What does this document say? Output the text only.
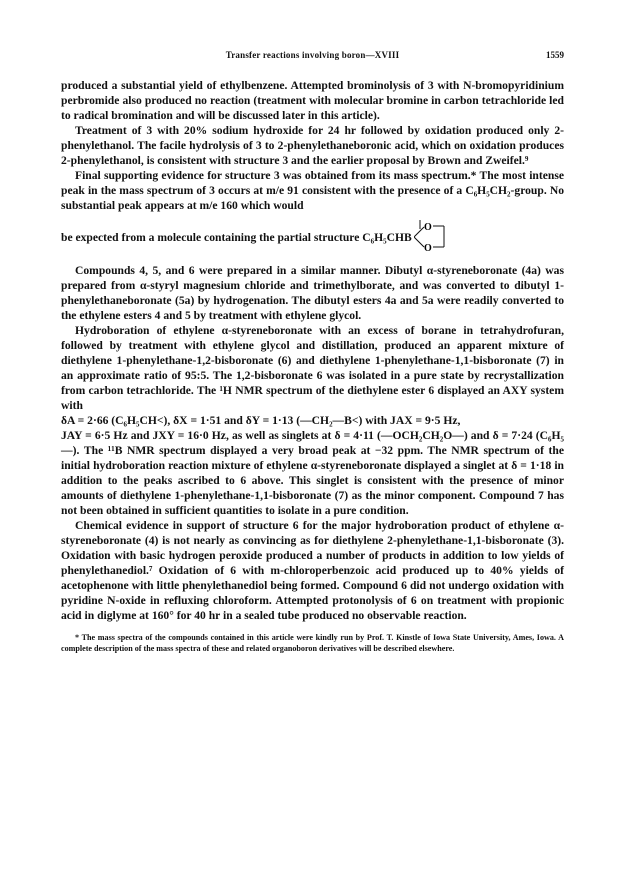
Transfer reactions involving boron—XVIII	1559

produced a substantial yield of ethylbenzene. Attempted brominolysis of 3 with N-bromopyridinium perbromide also produced no reaction (treatment with molecular bromine in carbon tetrachloride led to radical bromination and will be discussed later in this article).

Treatment of 3 with 20% sodium hydroxide for 24 hr followed by oxidation produced only 2-phenylethanol. The facile hydrolysis of 3 to 2-phenylethaneboronic acid, which on oxidation produces 2-phenylethanol, is consistent with structure 3 and the earlier proposal by Brown and Zweifel.⁹

Final supporting evidence for structure 3 was obtained from its mass spectrum.* The most intense peak in the mass spectrum of 3 occurs at m/e 91 consistent with the presence of a C₆H₅CH₂-group. No substantial peak appears at m/e 160 which would

be expected from a molecule containing the partial structure C₆H₅CHB
O
O

Compounds 4, 5, and 6 were prepared in a similar manner. Dibutyl α-styreneboronate (4a) was prepared from α-styryl magnesium chloride and trimethylborate, and was converted to dibutyl 1-phenylethaneboronate (5a) by hydrogenation. The dibutyl esters 4a and 5a were readily converted to the ethylene esters 4 and 5 by treatment with ethylene glycol.

Hydroboration of ethylene α-styreneboronate with an excess of borane in tetrahydrofuran, followed by treatment with ethylene glycol and distillation, produced an apparent mixture of diethylene 1-phenylethane-1,2-bisboronate (6) and diethylene 1-phenylethane-1,1-bisboronate (7) in an approximate ratio of 95:5. The 1,2-bisboronate 6 was isolated in a pure state by recrystallization from carbon tetrachloride. The ¹H NMR spectrum of the diethylene ester 6 displayed an AXY system with

δA = 2·66 (C₆H₅CH<), δX = 1·51 and δY = 1·13 (—CH₂—B<) with JAX = 9·5 Hz,

JAY = 6·5 Hz and JXY = 16·0 Hz, as well as singlets at δ = 4·11 (—OCH₂CH₂O—) and δ = 7·24 (C₆H₅—). The ¹¹B NMR spectrum displayed a very broad peak at −32 ppm. The NMR spectrum of the initial hydroboration reaction mixture of ethylene α-styreneboronate displayed a singlet at δ = 1·18 in addition to the peaks ascribed to 6 above. This singlet is consistent with the presence of minor amounts of diethylene 1-phenylethane-1,1-bisboronate (7) as the minor component. Compound 7 has not been obtained in sufficient quantities to isolate in a pure condition.

Chemical evidence in support of structure 6 for the major hydroboration product of ethylene α-styreneboronate (4) is not nearly as convincing as for diethylene 2-phenylethane-1,1-bisboronate (3). Oxidation with basic hydrogen peroxide produced a number of products in addition to low yields of phenylethanediol.⁷ Oxidation of 6 with m-chloroperbenzoic acid produced up to 40% yields of acetophenone with little phenylethanediol being formed. Compound 6 did not undergo oxidation with pyridine N-oxide in refluxing chloroform. Attempted protonolysis of 6 on treatment with propionic acid in diglyme at 160° for 40 hr in a sealed tube produced no observable reaction.

* The mass spectra of the compounds contained in this article were kindly run by Prof. T. Kinstle of Iowa State University, Ames, Iowa. A complete description of the mass spectra of these and related organoboron derivatives will be described elsewhere.
